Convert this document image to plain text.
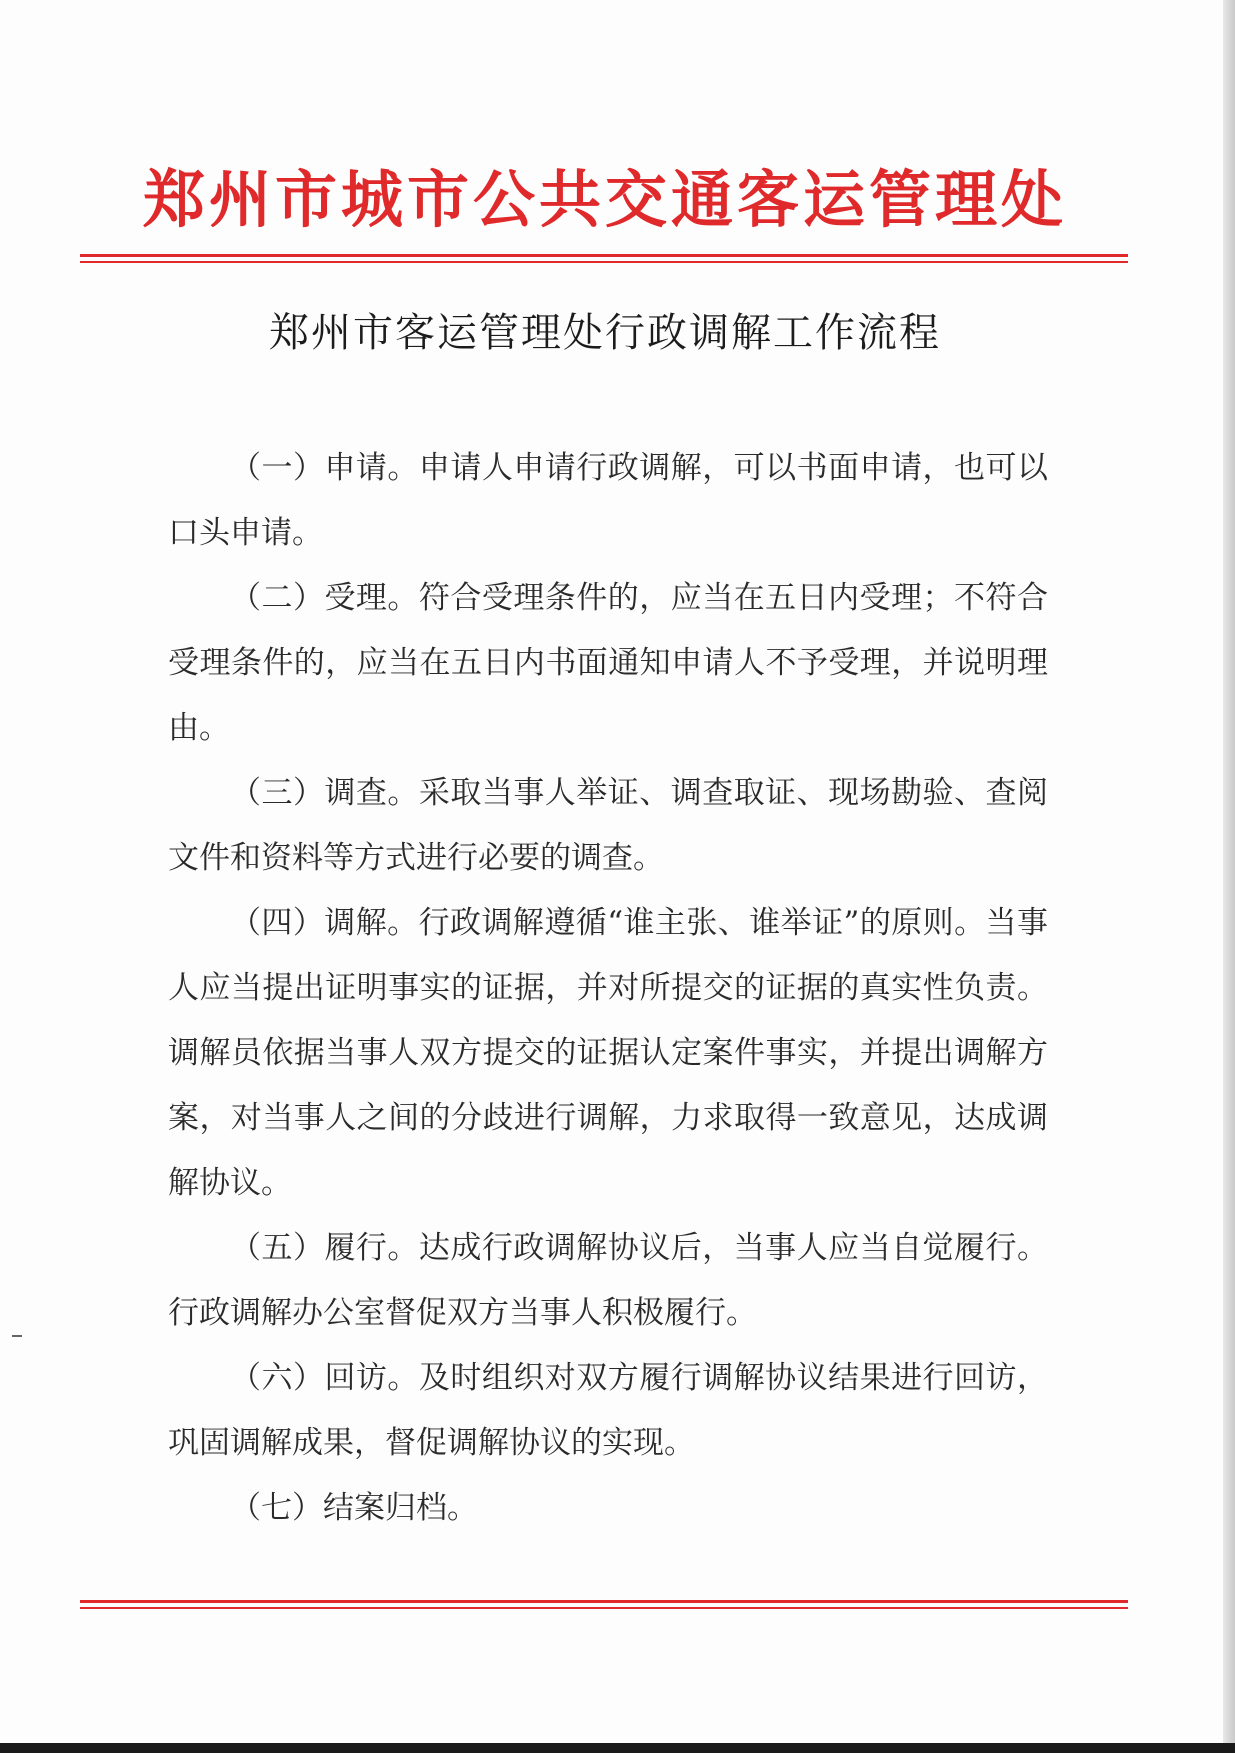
郑州市城市公共交通客运管理处
郑州市客运管理处行政调解工作流程

（一）申请。申请人申请行政调解，可以书面申请，也可以口头申请。

（二）受理。符合受理条件的，应当在五日内受理；不符合受理条件的，应当在五日内书面通知申请人不予受理，并说明理由。

（三）调查。采取当事人举证、调查取证、现场勘验、查阅文件和资料等方式进行必要的调查。

（四）调解。行政调解遵循“谁主张、谁举证”的原则。当事人应当提出证明事实的证据，并对所提交的证据的真实性负责。调解员依据当事人双方提交的证据认定案件事实，并提出调解方案，对当事人之间的分歧进行调解，力求取得一致意见，达成调解协议。

（五）履行。达成行政调解协议后，当事人应当自觉履行。行政调解办公室督促双方当事人积极履行。

（六）回访。及时组织对双方履行调解协议结果进行回访，巩固调解成果，督促调解协议的实现。

（七）结案归档。
